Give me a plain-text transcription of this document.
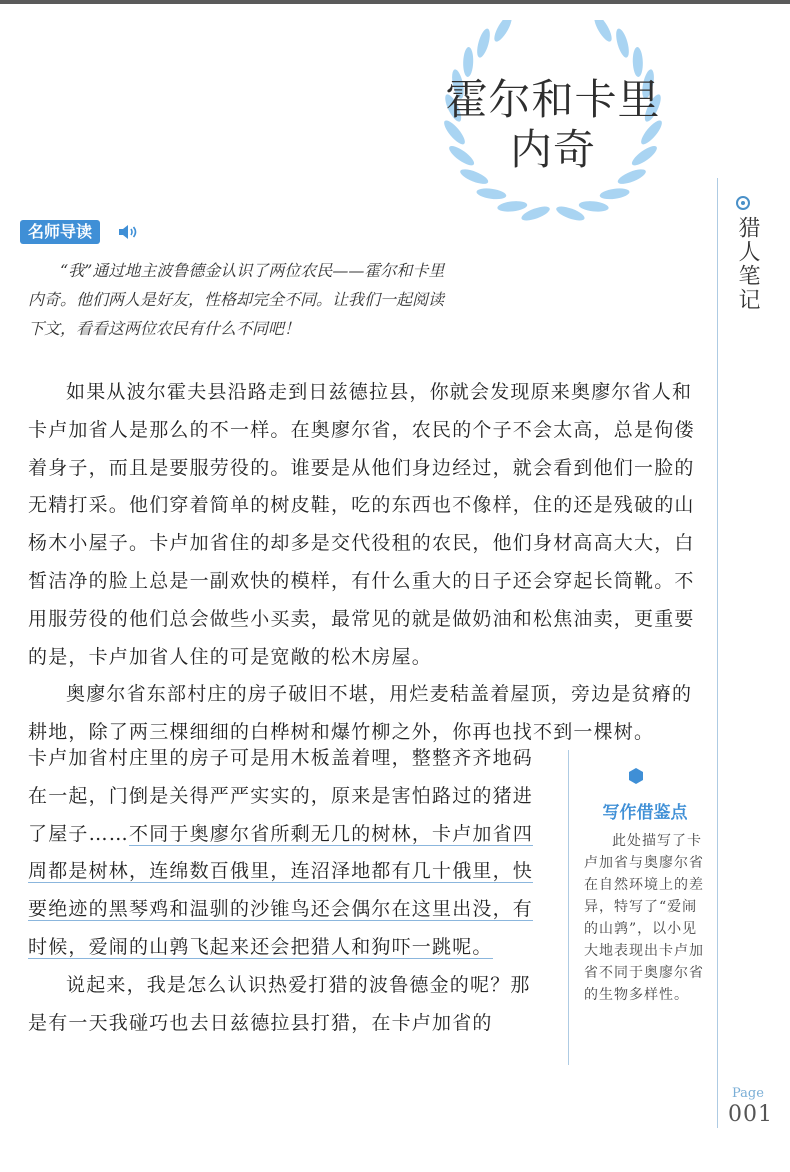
霍尔和卡里
内奇
猎人笔记
名师导读
“我”通过地主波鲁德金认识了两位农民——霍尔和卡里内奇。他们两人是好友，性格却完全不同。让我们一起阅读下文，看看这两位农民有什么不同吧！

如果从波尔霍夫县沿路走到日兹德拉县，你就会发现原来奥廖尔省人和卡卢加省人是那么的不一样。在奥廖尔省，农民的个子不会太高，总是佝偻着身子，而且是要服劳役的。谁要是从他们身边经过，就会看到他们一脸的无精打采。他们穿着简单的树皮鞋，吃的东西也不像样，住的还是残破的山杨木小屋子。卡卢加省住的却多是交代役租的农民，他们身材高高大大，白皙洁净的脸上总是一副欢快的模样，有什么重大的日子还会穿起长筒靴。不用服劳役的他们总会做些小买卖，最常见的就是做奶油和松焦油卖，更重要的是，卡卢加省人住的可是宽敞的松木房屋。

奥廖尔省东部村庄的房子破旧不堪，用烂麦秸盖着屋顶，旁边是贫瘠的耕地，除了两三棵细细的白桦树和爆竹柳之外，你再也找不到一棵树。

卡卢加省村庄里的房子可是用木板盖着哩，整整齐齐地码在一起，门倒是关得严严实实的，原来是害怕路过的猪进了屋子……不同于奥廖尔省所剩无几的树林，卡卢加省四周都是树林，连绵数百俄里，连沼泽地都有几十俄里，快要绝迹的黑琴鸡和温驯的沙锥鸟还会偶尔在这里出没，有时候，爱闹的山鹑飞起来还会把猎人和狗吓一跳呢。

说起来，我是怎么认识热爱打猎的波鲁德金的呢？那是有一天我碰巧也去日兹德拉县打猎，在卡卢加省的

写作借鉴点
此处描写了卡卢加省与奥廖尔省在自然环境上的差异，特写了“爱闹的山鹑”，以小见大地表现出卡卢加省不同于奥廖尔省的生物多样性。
Page
001
